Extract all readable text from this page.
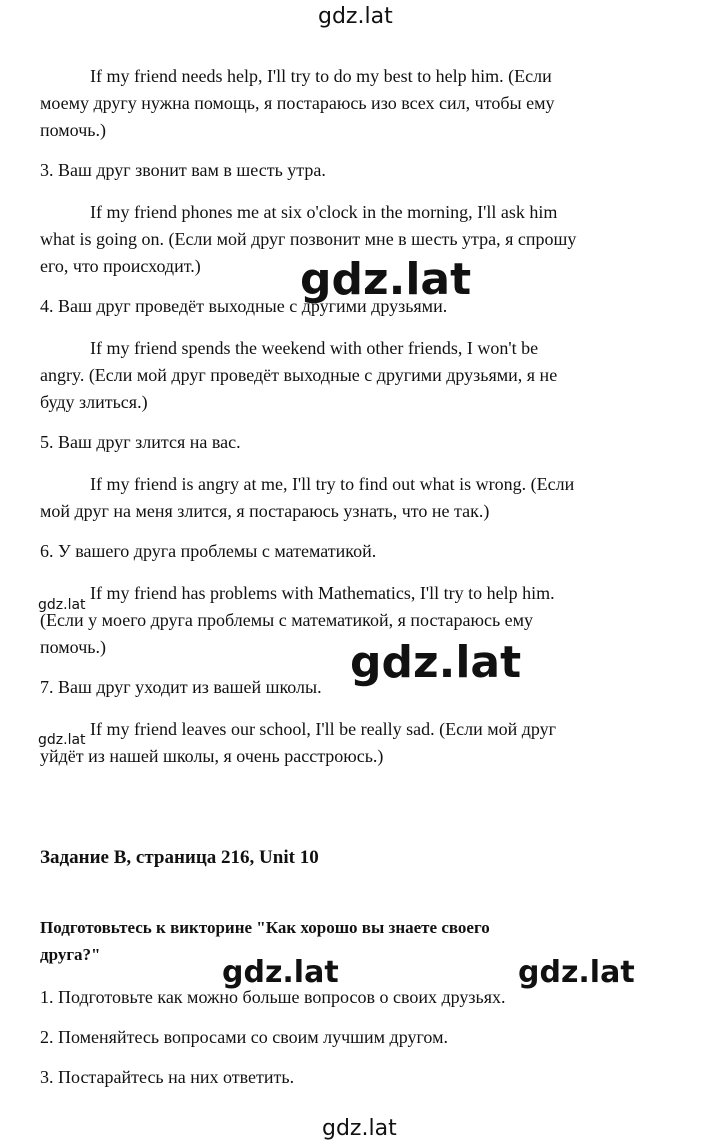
gdz.lat
If my friend needs help, I'll try to do my best to help him. (Если
моему другу нужна помощь, я постараюсь изо всех сил, чтобы ему
помочь.)
3. Ваш друг звонит вам в шесть утра.
If my friend phones me at six o'clock in the morning, I'll ask him
what is going on. (Если мой друг позвонит мне в шесть утра, я спрошу
его, что происходит.) gdz.lat
4. Ваш друг проведёт выходные с другими друзьями.
If my friend spends the weekend with other friends, I won't be
angry. (Если мой друг проведёт выходные с другими друзьями, я не
буду злиться.)
5. Ваш друг злится на вас.
If my friend is angry at me, I'll try to find out what is wrong. (Если
мой друг на меня злится, я постараюсь узнать, что не так.)
6. У вашего друга проблемы с математикой.
If my friend has problems with Mathematics, I'll try to help him.
gdz.lat
(Если у моего друга проблемы с математикой, я постараюсь ему
помочь.)	gdz.lat
7. Ваш друг уходит из вашей школы.
If my friend leaves our school, I'll be really sad. (Если мой друг
gdz.lat
уйдёт из нашей школы, я очень расстроюсь.)
Задание B, страница 216, Unit 10
Подготовьтесь к викторине "Как хорошо вы знаете своего
друга?"
gdz.lat	gdz.lat
1. Подготовьте как можно больше вопросов о своих друзьях.
2. Поменяйтесь вопросами со своим лучшим другом.
3. Постарайтесь на них ответить.
gdz.lat
